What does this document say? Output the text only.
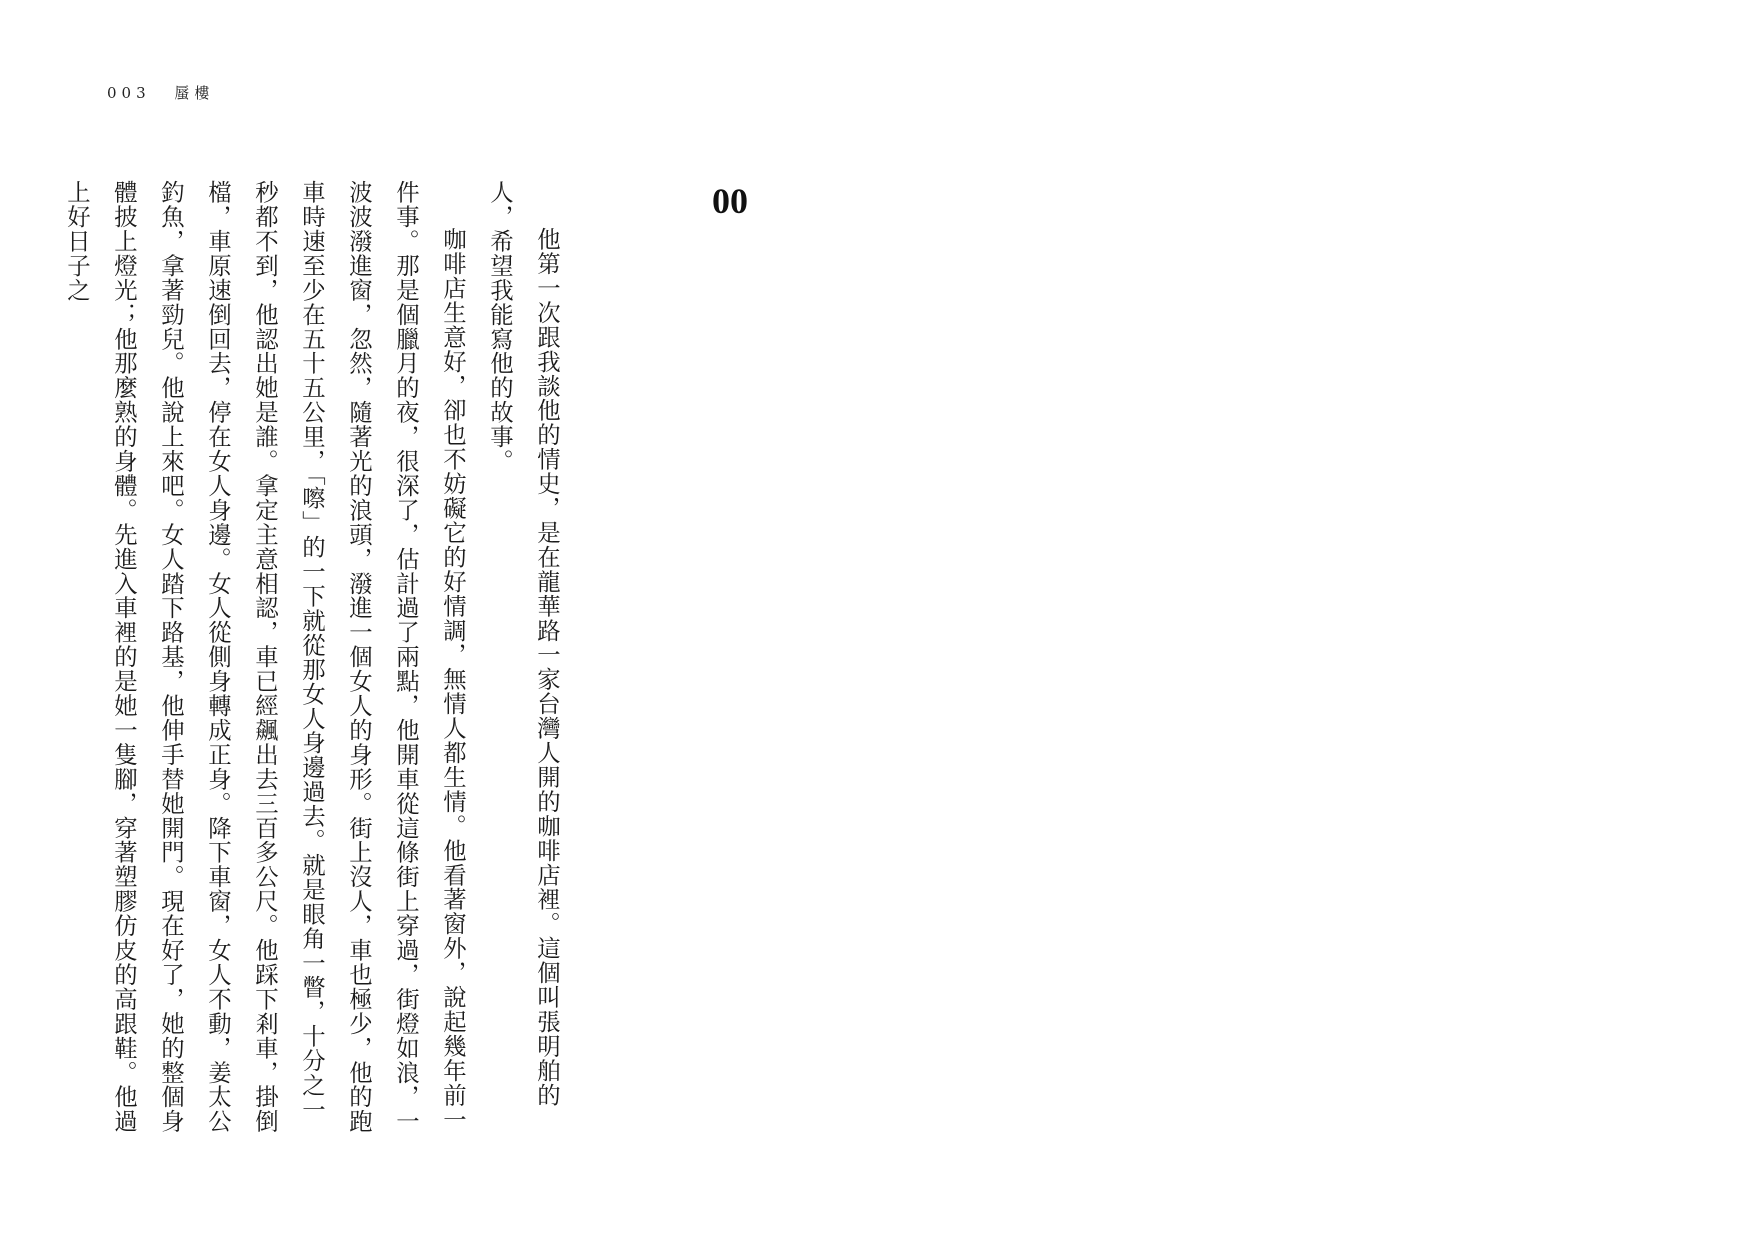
003 蜃樓
00

他第一次跟我談他的情史，是在龍華路一家台灣人開的咖啡店裡。這個叫張明舶的人，希望我能寫他的故事。

咖啡店生意好，卻也不妨礙它的好情調，無情人都生情。他看著窗外，說起幾年前一件事。那是個臘月的夜，很深了，估計過了兩點，他開車從這條街上穿過，街燈如浪，一波波潑進窗，忽然，隨著光的浪頭，潑進一個女人的身形。街上沒人，車也極少，他的跑車時速至少在五十五公里，「嚓」的一下就從那女人身邊過去。就是眼角一瞥，十分之一秒都不到，他認出她是誰。拿定主意相認，車已經飆出去三百多公尺。他踩下剎車，掛倒檔，車原速倒回去，停在女人身邊。女人從側身轉成正身。降下車窗，女人不動，姜太公釣魚，拿著勁兒。他說上來吧。女人踏下路基，他伸手替她開門。現在好了，她的整個身體披上燈光；他那麼熟的身體。先進入車裡的是她一隻腳，穿著塑膠仿皮的高跟鞋。他過上好日子之
